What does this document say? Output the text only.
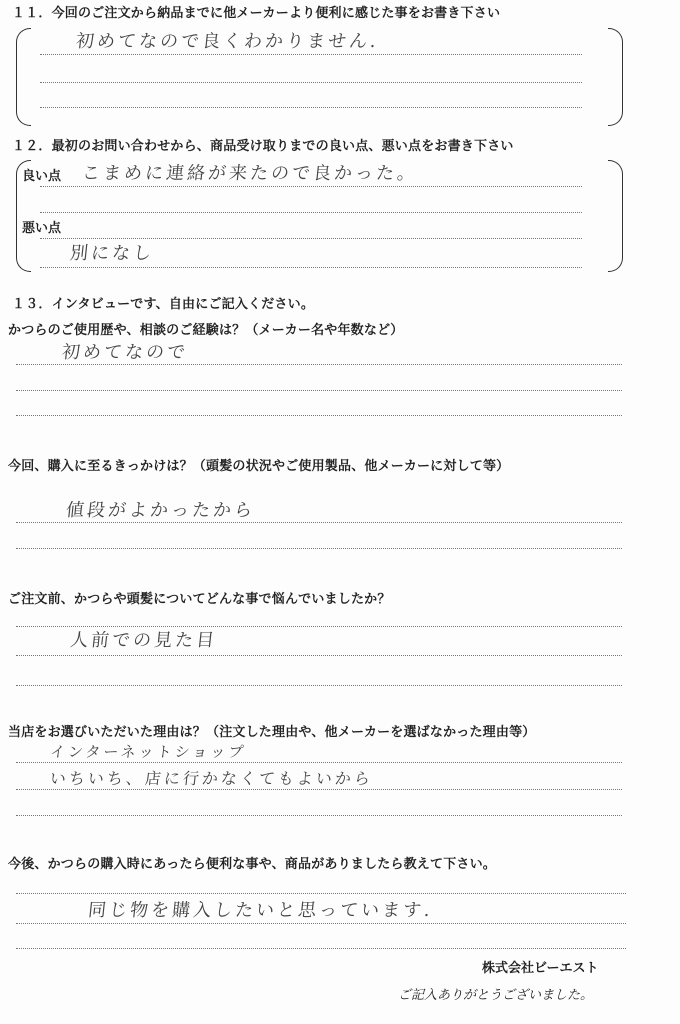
１１．今回のご注文から納品までに他メーカーより便利に感じた事をお書き下さい
初めてなので良くわかりません.
１２．最初のお問い合わせから、商品受け取りまでの良い点、悪い点をお書き下さい
良い点 こまめに連絡が来たので良かった。
悪い点
別になし
１３．インタビューです、自由にご記入ください。
かつらのご使用歴や、相談のご経験は？（メーカー名や年数など）
初めてなので
今回、購入に至るきっかけは？（頭髪の状況やご使用製品、他メーカーに対して等）
値段がよかったから
ご注文前、かつらや頭髪についてどんな事で悩んでいましたか？
人前での見た目
当店をお選びいただいた理由は？（注文した理由や、他メーカーを選ばなかった理由等）
インターネットショップ
いちいち、店に行かなくてもよいから
今後、かつらの購入時にあったら便利な事や、商品がありましたら教えて下さい。
同じ物を購入したいと思っています.
株式会社ビーエスト
ご記入ありがとうございました。
